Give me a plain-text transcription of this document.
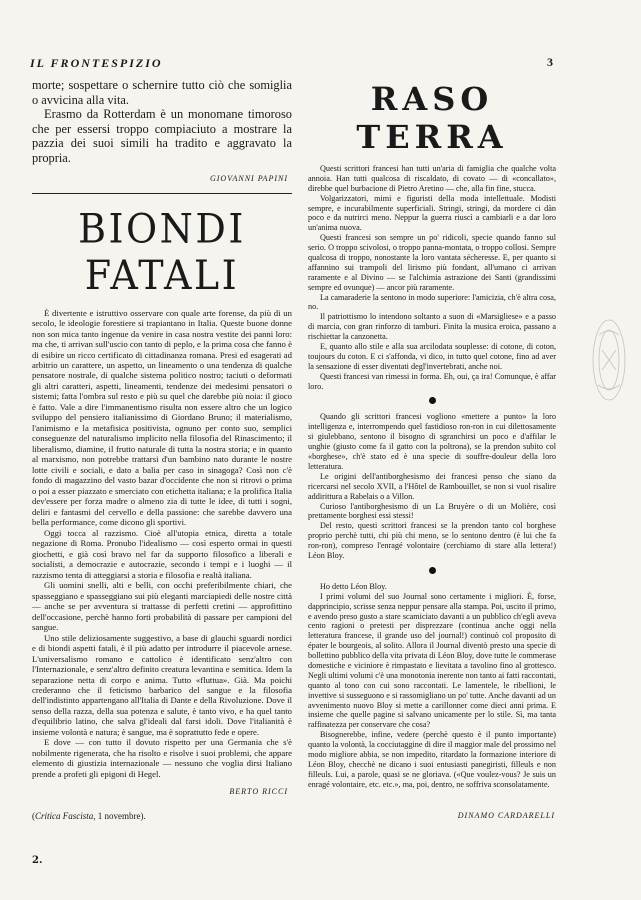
IL FRONTESPIZIO	3

morte; sospettare o schernire tutto ciò che somiglia o avvicina alla vita.

Erasmo da Rotterdam è un monomane timoroso che per essersi troppo compiaciuto a mostrare la pazzia dei suoi simili ha tradito e aggravato la propria.

GIOVANNI PAPINI
BIONDI FATALI

È divertente e istruttivo osservare con quale arte forense, da più di un secolo, le ideologie forestiere si trapiantano in Italia. Queste buone donne non son mica tanto ingenue da venire in casa nostra vestite dei panni loro: ma che, ti arrivan sull'uscio con tanto di peplo, e la prima cosa che fanno è di esibire un ricco certificato di cittadinanza romana. Presi ed esagerati ad arbitrio un carattere, un aspetto, un lineamento o una tendenza di qualche pensatore nostrale, di qualche sistema politico nostro; taciuti o deformati gli altri caratteri, aspetti, lineamenti, tendenze dei medesimi pensatori o sistemi; fatta l'ombra sul resto e più su quel che darebbe più noia: il gioco è fatto. Vale a dire l'immanentismo risulta non essere altro che un logico sviluppo del pensiero italianissimo di Giordano Bruno; il materialismo, l'animismo e la metafisica positivista, ognuno per conto suo, semplici conseguenze del naturalismo implicito nella filosofia del Rinascimento; il liberalismo, diamine, il frutto naturale di tutta la nostra storia; e in quanto al marxismo, non potrebbe trattarsi d'un bambino nato durante le nostre lotte civili e sociali, e dato a balia per caso in sinagoga? Così non c'è fondo di magazzino del vasto bazar d'occidente che non si ritrovi o prima o poi a esser piazzato e smerciato con etichetta italiana; e la prolifica Italia dev'essere per forza madre o almeno zia di tutte le idee, di tutti i sogni, deliri e fantasmi del cervello e della passione: che sarebbe davvero una bella performance, come dicono gli sportivi.

Oggi tocca al razzismo. Cioè all'utopia etnica, diretta a totale negazione di Roma. Pronubo l'idealismo — così esperto ormai in questi giochetti, e già così bravo nel far da supporto filosofico a liberali e socialisti, a democrazie e autocrazie, secondo i tempi e i luoghi — il razzismo tenta di atteggiarsi a storia e filosofia e realtà italiana.

Gli uomini snelli, alti e belli, con occhi preferibilmente chiari, che spasseggiano e spasseggiano sui più eleganti marciapiedi delle nostre città — anche se per avventura si trattasse di perfetti cretini — approfittino dell'occasione, perchè hanno forti probabilità di passare per campioni del sangue.

Uno stile deliziosamente suggestivo, a base di glauchi sguardi nordici e di biondi aspetti fatali, è il più adatto per introdurre il piacevole arnese. L'universalismo romano e cattolico è identificato senz'altro con l'Internazionale, e senz'altro definito creatura levantina e semitica. Idem la separazione netta di corpo e anima. Tutto «fluttua». Già. Ma poichi crederanno che il feticismo barbarico del sangue e la filosofia dell'indistinto appartengano all'Italia di Dante e della Rivoluzione. Dove il senso della razza, della sua potenza e salute, è tanto vivo, e ha quel tanto d'equilibrio latino, che salva gl'ideali dal farsi idoli. Dove l'italianità è insieme volontà e natura; è sangue, ma è soprattutto fede e opere.

E dove — con tutto il dovuto rispetto per una Germania che s'è nobilmente rigenerata, che ha risolto e risolve i suoi problemi, che appare elemento di giustizia internazionale — nessuno che voglia dirsi Italiano prende a profeti gli epigoni di Hegel.

BERTO RICCI
(Critica Fascista, 1 novembre).
2.
RASO TERRA

Questi scrittori francesi han tutti un'aria di famiglia che qualche volta annoia. Han tutti qualcosa di riscaldato, di covato — di «concallato», direbbe quel burbacione di Pietro Aretino — che, alla fin fine, stucca.

Volgarizzatori, mimi e figuristi della moda intellettuale. Modisti sempre, e incurabilmente superficiali. Stringi, stringi, da mordere ci dàn poco e da nutrirci meno. Neppur la guerra riuscì a cambiarli e a dar loro un'anima nuova.

Questi francesi son sempre un po' ridicoli, specie quando fanno sul serio. O troppo scivolosi, o troppo panna-montata, o troppo collosi. Sempre qualcosa di troppo, nonostante la loro vantata sécheresse. E, per quanto si affannino sui trampoli del lirismo più fondant, all'umano ci arrivan raramente e al Divino — se l'alchimia astrazione dei Santi (grandissimi sempre ed ovunque) — ancor più raramente.

La camaraderie la sentono in modo superiore: l'amicizia, ch'è altra cosa, no.

Il patriottismo lo intendono soltanto a suon di «Marsigliese» e a passo di marcia, con gran rinforzo di tamburi. Finita la musica eroica, passano a rischiettar la canzonetta.

E, quanto allo stile e alla sua arcilodata souplesse: di cotone, di coton, toujours du coton. E ci s'affonda, vi dico, in tutto quel cotone, fino ad aver la sensazione di esser diventati degl'invertebrati, anche noi.

Questi francesi van rimessi in forma. Eh, oui, ça ira! Comunque, è affar loro.

Quando gli scrittori francesi vogliono «mettere a punto» la loro intelligenza e, interrompendo quel fastidioso ron-ron in cui dilettosamente si giulebbano, sentono il bisogno di sgranchirsi un poco e d'affilar le unghie (giusto come fa il gatto con la poltrona), se la prendon subito col «borghese», ch'è stato ed è una specie di souffre-douleur della loro letteratura.

Le origini dell'antiborghesismo dei francesi penso che siano da ricercarsi nel secolo XVII, a l'Hôtel de Rambouillet, se non si vuol risalire addirittura a Rabelais o a Villon.

Curioso l'antiborghesismo di un La Bruyère o di un Molière, così prettamente borghesi essi stessi!

Del resto, questi scrittori francesi se la prendon tanto col borghese proprio perchè tutti, chi più chi meno, se lo sentono dentro (è lui che fa ron-ron), compreso l'enragé volontaire (cerchiamo di stare alla lettera!) Léon Bloy.

Ho detto Léon Bloy.

I primi volumi del suo Journal sono certamente i migliori. È, forse, dapprincipio, scrisse senza neppur pensare alla stampa. Poi, uscito il primo, e avendo preso gusto a stare scamiciato davanti a un pubblico ch'egli aveva cento ragioni o pretesti per disprezzare (continua anche oggi nella letteratura francese, il grande uso del journal!) continuò col proposito di épater le bourgeois, al solito. Allora il Journal diventò presto una specie di bollettino pubblico della vita privata di Léon Bloy, dove tutte le commerase domestiche e viciniore è rimpastato e lievitata a tavolino fino al grottesco. Negli ultimi volumi c'è una monotonia inerente non tanto ai fatti raccontati, quanto al tono con cui sono raccontati. Le lamentele, le ribellioni, le invettive si susseguono e si rassomigliano un po' tutte. Anche davanti ad un avvenimento nuovo Bloy si mette a carillonner come dieci anni prima. E insieme che quelle pagine si salvano unicamente per lo stile. Sì, ma tanta raffinatezza per conservare che cosa?

Bisognerebbe, infine, vedere (perchè questo è il punto importante) quanto la volontà, la cocciutaggine di dire il maggior male del prossimo nel modo migliore abbia, se non impedito, ritardato la formazione interiore di Léon Bloy, checchè ne dicano i suoi entusiasti panegiristi, filleuls e non filleuls. Lui, a parole, quasi se ne gloriava. («Que voulez-vous? Je suis un enragé volontaire, etc. etc.», ma, poi, dentro, ne soffriva sconsolatamente.

DINAMO CARDARELLI
